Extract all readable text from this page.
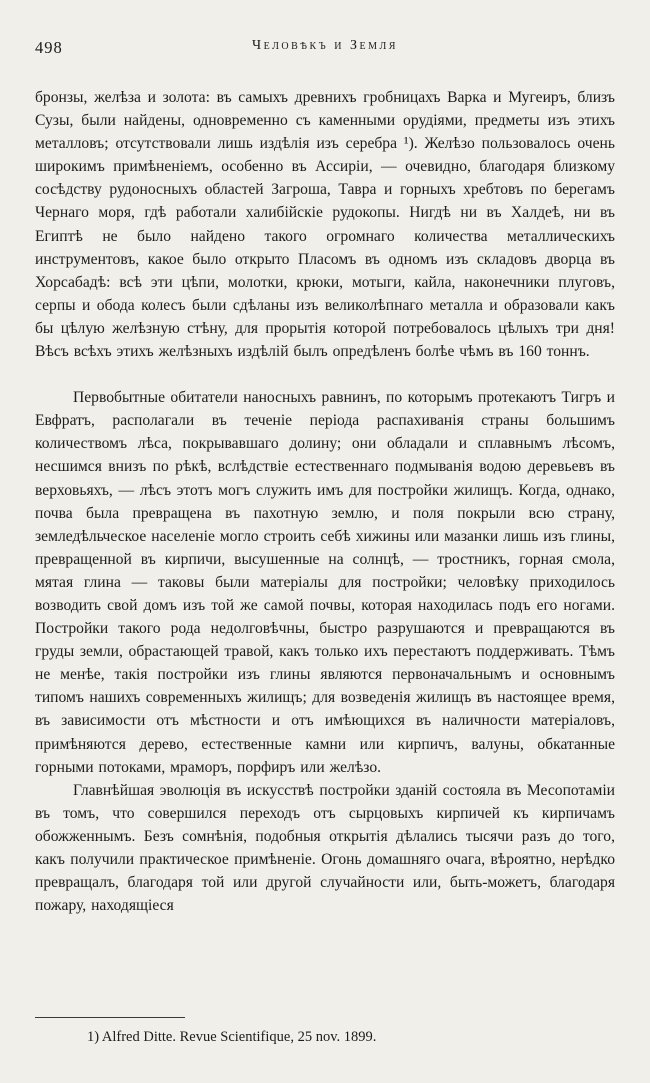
498	Человѣкъ и Земля

бронзы, желѣза и золота: въ самыхъ древнихъ гробницахъ Варка и Мугеиръ, близъ Сузы, были найдены, одновременно съ каменными орудіями, предметы изъ этихъ металловъ; отсутствовали лишь издѣлія изъ серебра ¹). Желѣзо пользовалось очень широкимъ примѣненіемъ, особенно въ Ассиріи, — очевидно, благодаря близкому сосѣдству рудоносныхъ областей Загроша, Тавра и горныхъ хребтовъ по берегамъ Чернаго моря, гдѣ работали халибійскіе рудокопы. Нигдѣ ни въ Халдеѣ, ни въ Египтѣ не было найдено такого огромнаго количества металлическихъ инструментовъ, какое было открыто Пласомъ въ одномъ изъ складовъ дворца въ Хорсабадѣ: всѣ эти цѣпи, молотки, крюки, мотыги, кайла, наконечники плуговъ, серпы и обода колесъ были сдѣланы изъ великолѣпнаго металла и образовали какъ бы цѣлую желѣзную стѣну, для прорытія которой потребовалось цѣлыхъ три дня! Вѣсъ всѣхъ этихъ желѣзныхъ издѣлій былъ опредѣленъ болѣе чѣмъ въ 160 тоннъ.

Первобытные обитатели наносныхъ равнинъ, по которымъ протекаютъ Тигръ и Евфратъ, располагали въ теченіе періода распахиванія страны большимъ количествомъ лѣса, покрывавшаго долину; они обладали и сплавнымъ лѣсомъ, несшимся внизъ по рѣкѣ, вслѣдствіе естественнаго подмыванія водою деревьевъ въ верховьяхъ, — лѣсъ этотъ могъ служить имъ для постройки жилищъ. Когда, однако, почва была превращена въ пахотную землю, и поля покрыли всю страну, земледѣльческое населеніе могло строить себѣ хижины или мазанки лишь изъ глины, превращенной въ кирпичи, высушенные на солнцѣ, — тростникъ, горная смола, мятая глина — таковы были матеріалы для постройки; человѣку приходилось возводить свой домъ изъ той же самой почвы, которая находилась подъ его ногами. Постройки такого рода недолговѣчны, быстро разрушаются и превращаются въ груды земли, обрастающей травой, какъ только ихъ перестаютъ поддерживать. Тѣмъ не менѣе, такія постройки изъ глины являются первоначальнымъ и основнымъ типомъ нашихъ современныхъ жилищъ; для возведенія жилищъ въ настоящее время, въ зависимости отъ мѣстности и отъ имѣющихся въ наличности матеріаловъ, примѣняются дерево, естественные камни или кирпичъ, валуны, обкатанные горными потоками, мраморъ, порфиръ или желѣзо.

Главнѣйшая эволюція въ искусствѣ постройки зданій состояла въ Месопотаміи въ томъ, что совершился переходъ отъ сырцовыхъ кирпичей къ кирпичамъ обожженнымъ. Безъ сомнѣнія, подобныя открытія дѣлались тысячи разъ до того, какъ получили практическое примѣненіе. Огонь домашняго очага, вѣроятно, нерѣдко превращалъ, благодаря той или другой случайности или, быть-можетъ, благодаря пожару, находящіеся

1) Alfred Ditte. Revue Scientifique, 25 nov. 1899.
